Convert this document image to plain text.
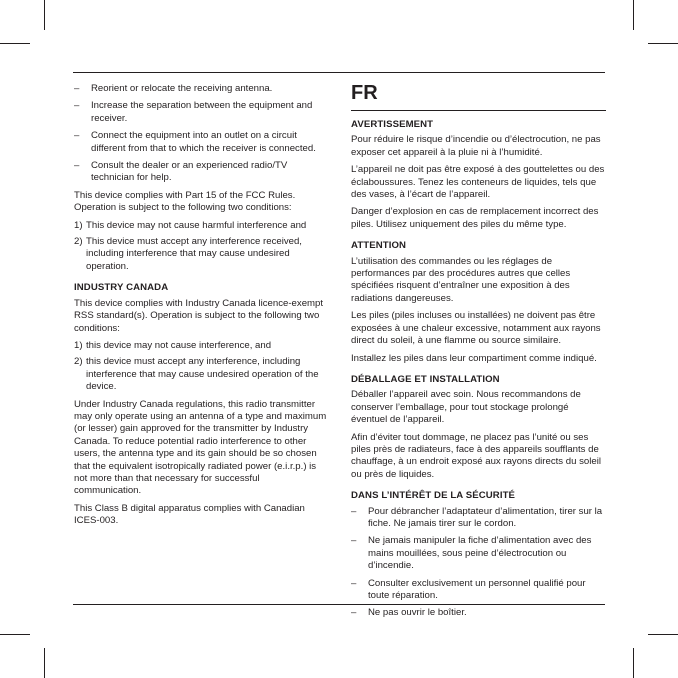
– Reorient or relocate the receiving antenna.
– Increase the separation between the equipment and receiver.
– Connect the equipment into an outlet on a circuit different from that to which the receiver is connected.
– Consult the dealer or an experienced radio/TV technician for help.

This device complies with Part 15 of the FCC Rules. Operation is subject to the following two conditions:

1) This device may not cause harmful interference and
2) This device must accept any interference received, including interference that may cause undesired operation.
INDUSTRY CANADA

This device complies with Industry Canada licence-exempt RSS standard(s). Operation is subject to the following two conditions:

1) this device may not cause interference, and
2) this device must accept any interference, including interference that may cause undesired operation of the device.

Under Industry Canada regulations, this radio transmitter may only operate using an antenna of a type and maximum (or lesser) gain approved for the transmitter by Industry Canada. To reduce potential radio interference to other users, the antenna type and its gain should be so chosen that the equivalent isotropically radiated power (e.i.r.p.) is not more than that necessary for successful communication.

This Class B digital apparatus complies with Canadian ICES-003.

FR
AVERTISSEMENT

Pour réduire le risque d’incendie ou d’électrocution, ne pas exposer cet appareil à la pluie ni à l’humidité.

L’appareil ne doit pas être exposé à des gouttelettes ou des éclaboussures. Tenez les conteneurs de liquides, tels que des vases, à l’écart de l’appareil.

Danger d’explosion en cas de remplacement incorrect des piles. Utilisez uniquement des piles du même type.

ATTENTION

L’utilisation des commandes ou les réglages de performances par des procédures autres que celles spécifiées risquent d’entraîner une exposition à des radiations dangereuses.

Les piles (piles incluses ou installées) ne doivent pas être exposées à une chaleur excessive, notamment aux rayons direct du soleil, à une flamme ou source similaire.

Installez les piles dans leur compartiment comme indiqué.

DÉBALLAGE ET INSTALLATION

Déballer l’appareil avec soin. Nous recommandons de conserver l’emballage, pour tout stockage prolongé éventuel de l’appareil.

Afin d’éviter tout dommage, ne placez pas l’unité ou ses piles près de radiateurs, face à des appareils soufflants de chauffage, à un endroit exposé aux rayons directs du soleil ou près de liquides.

DANS L’INTÉRÊT DE LA SÉCURITÉ
– Pour débrancher l’adaptateur d’alimentation, tirer sur la fiche. Ne jamais tirer sur le cordon.
– Ne jamais manipuler la fiche d’alimentation avec des mains mouillées, sous peine d’électrocution ou d’incendie.
– Consulter exclusivement un personnel qualifié pour toute réparation.
– Ne pas ouvrir le boîtier.
